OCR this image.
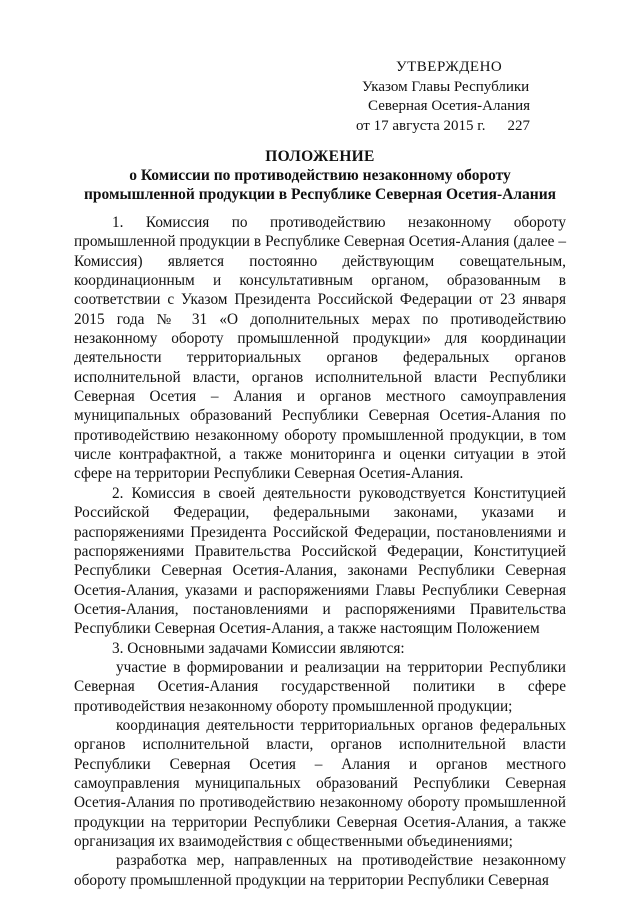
УТВЕРЖДЕНО
Указом Главы Республики
Северная Осетия-Алания
от 17 августа 2015 г. 227
ПОЛОЖЕНИЕ
о Комиссии по противодействию незаконному обороту
промышленной продукции в Республике Северная Осетия-Алания

1. Комиссия по противодействию незаконному обороту промышленной продукции в Республике Северная Осетия-Алания (далее – Комиссия) является постоянно действующим совещательным, координационным и консультативным органом, образованным в соответствии с Указом Президента Российской Федерации от 23 января 2015 года № 31 «О дополнительных мерах по противодействию незаконному обороту промышленной продукции» для координации деятельности территориальных органов федеральных органов исполнительной власти, органов исполнительной власти Республики Северная Осетия – Алания и органов местного самоуправления муниципальных образований Республики Северная Осетия-Алания по противодействию незаконному обороту промышленной продукции, в том числе контрафактной, а также мониторинга и оценки ситуации в этой сфере на территории Республики Северная Осетия-Алания.

2. Комиссия в своей деятельности руководствуется Конституцией Российской Федерации, федеральными законами, указами и распоряжениями Президента Российской Федерации, постановлениями и распоряжениями Правительства Российской Федерации, Конституцией Республики Северная Осетия-Алания, законами Республики Северная Осетия-Алания, указами и распоряжениями Главы Республики Северная Осетия-Алания, постановлениями и распоряжениями Правительства Республики Северная Осетия-Алания, а также настоящим Положением

3. Основными задачами Комиссии являются:

участие в формировании и реализации на территории Республики Северная Осетия-Алания государственной политики в сфере противодействия незаконному обороту промышленной продукции;

координация деятельности территориальных органов федеральных органов исполнительной власти, органов исполнительной власти Республики Северная Осетия – Алания и органов местного самоуправления муниципальных образований Республики Северная Осетия-Алания по противодействию незаконному обороту промышленной продукции на территории Республики Северная Осетия-Алания, а также организация их взаимодействия с общественными объединениями;

разработка мер, направленных на противодействие незаконному обороту промышленной продукции на территории Республики Северная
